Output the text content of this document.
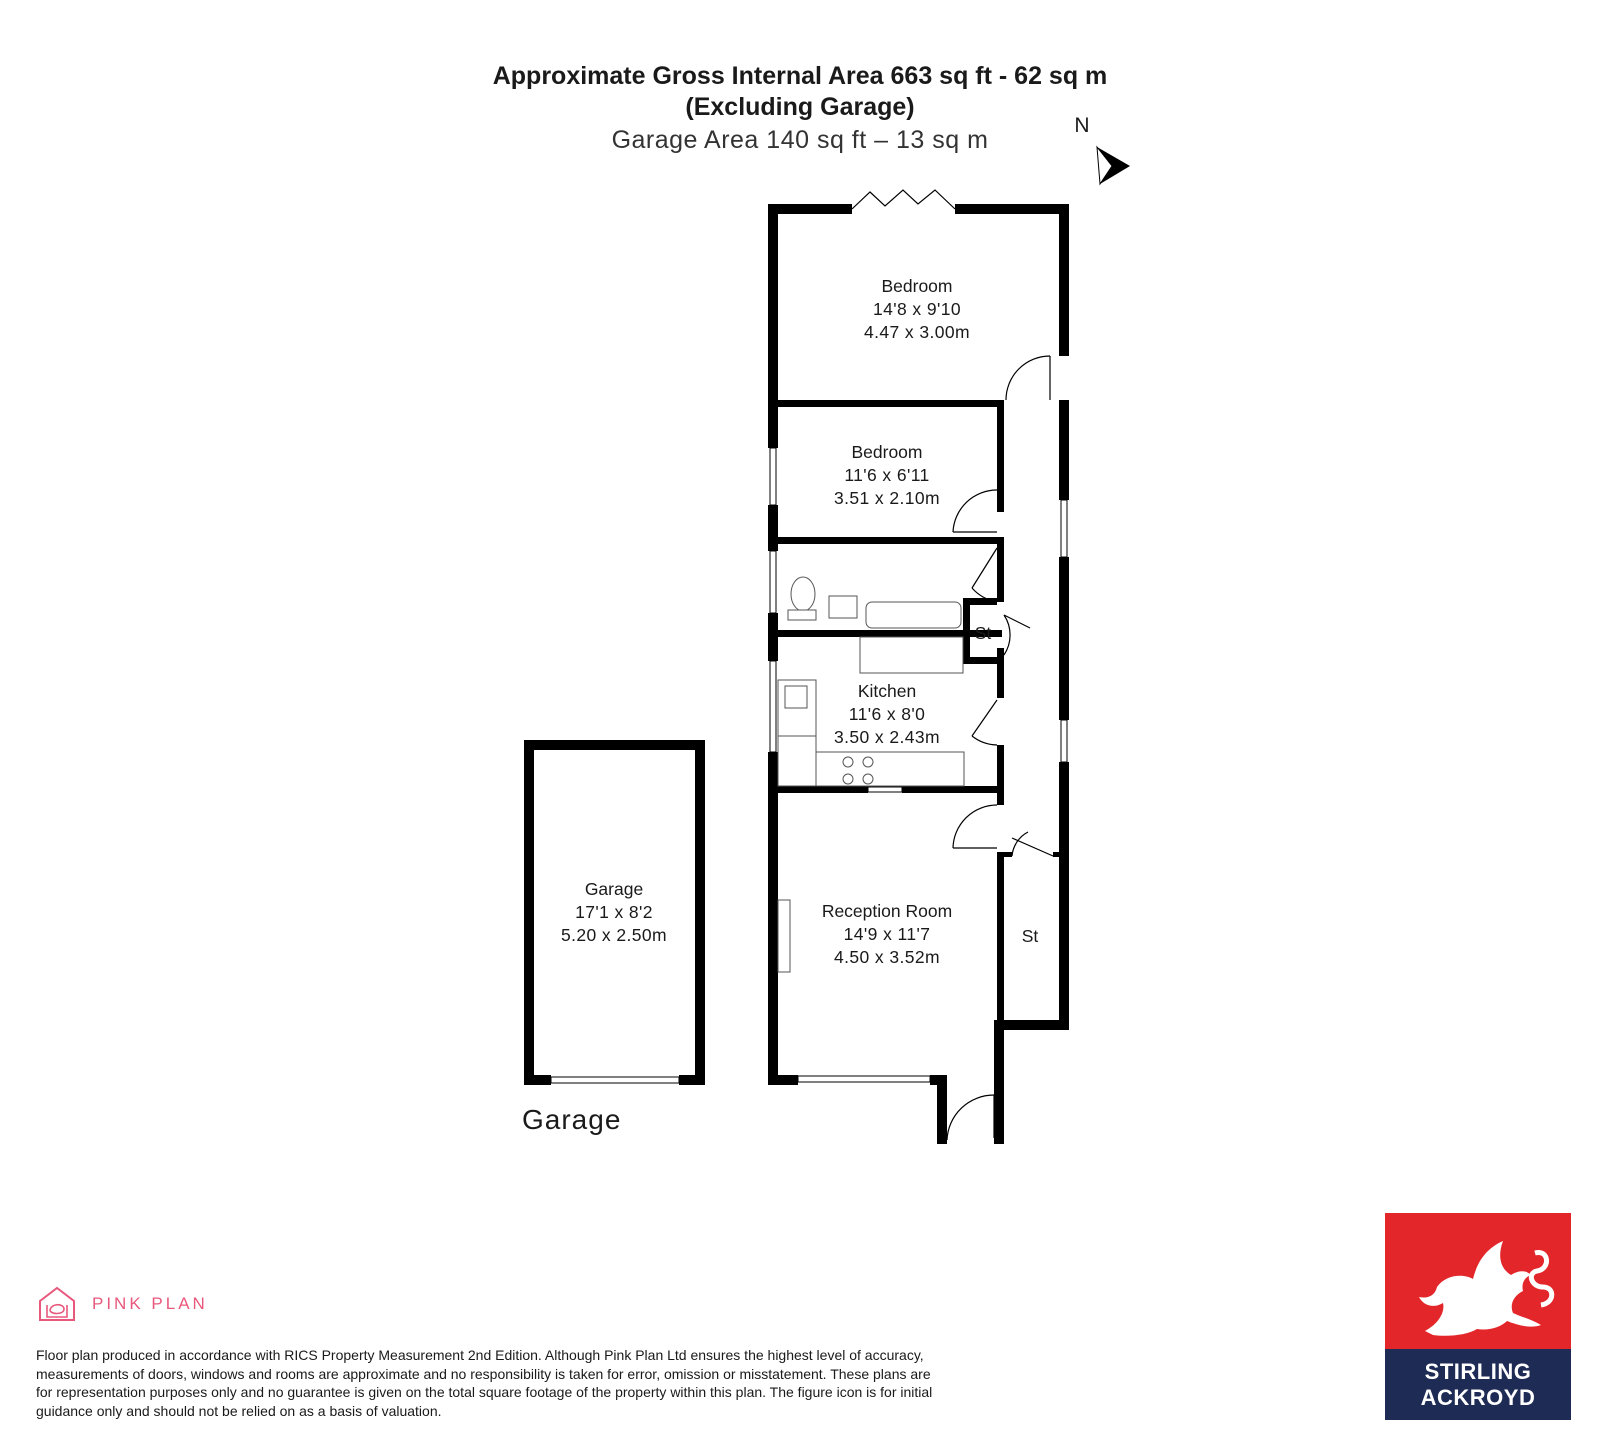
Approximate Gross Internal Area 663 sq ft - 62 sq m
(Excluding Garage)
Garage Area 140 sq ft – 13 sq m
N
Bedroom
14'8 x 9'10
4.47 x 3.00m
Bedroom
11'6 x 6'11
3.51 x 2.10m
St
Kitchen
11'6 x 8'0
3.50 x 2.43m
Reception Room
14'9 x 11'7
4.50 x 3.52m
St
Garage
17'1 x 8'2
5.20 x 2.50m
Garage
PINK PLAN
Floor plan produced in accordance with RICS Property Measurement 2nd Edition. Although Pink Plan Ltd ensures the highest level of accuracy, measurements of doors, windows and rooms are approximate and no responsibility is taken for error, omission or misstatement. These plans are for representation purposes only and no guarantee is given on the total square footage of the property within this plan. The figure icon is for initial guidance only and should not be relied on as a basis of valuation.
STIRLING
ACKROYD
